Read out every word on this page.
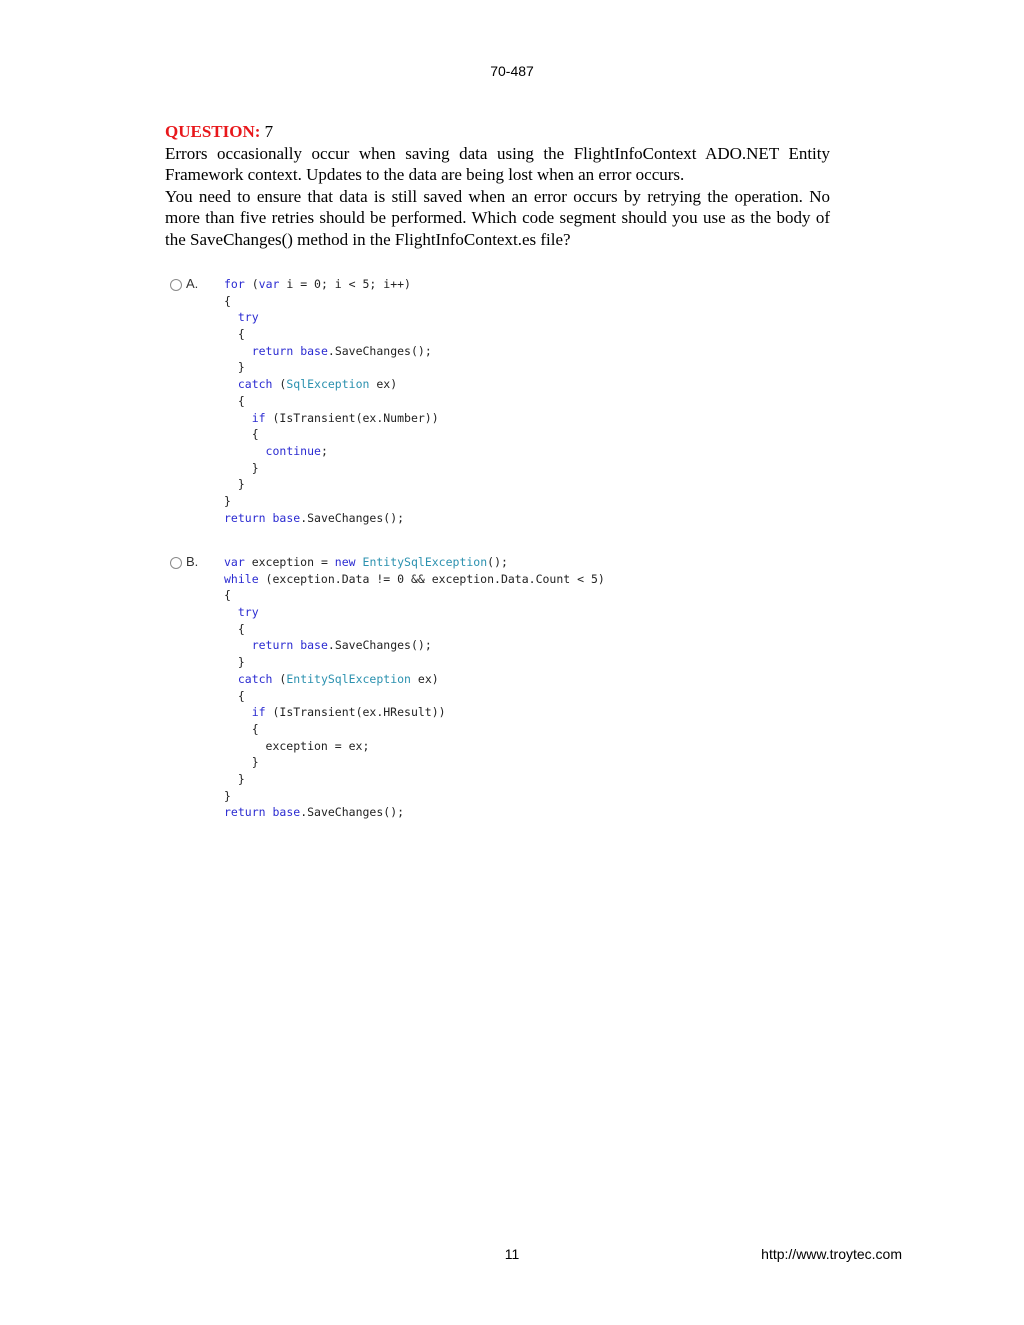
70-487
QUESTION: 7
Errors occasionally occur when saving data using the FlightInfoContext ADO.NET Entity Framework context. Updates to the data are being lost when an error occurs.
You need to ensure that data is still saved when an error occurs by retrying the operation. No more than five retries should be performed. Which code segment should you use as the body of the SaveChanges() method in the FlightInfoContext.es file?
A.	for (var i = 0; i < 5; i++)
{
try
{
return base.SaveChanges();
}
catch (SqlException ex)
{
if (IsTransient(ex.Number))
{
continue;
}
}
}
return base.SaveChanges();
B.	var exception = new EntitySqlException();
while (exception.Data != 0 && exception.Data.Count < 5)
{
try
{
return base.SaveChanges();
}
catch (EntitySqlException ex)
{
if (IsTransient(ex.HResult))
{
exception = ex;
}
}
}
return base.SaveChanges();
11	http://www.troytec.com
